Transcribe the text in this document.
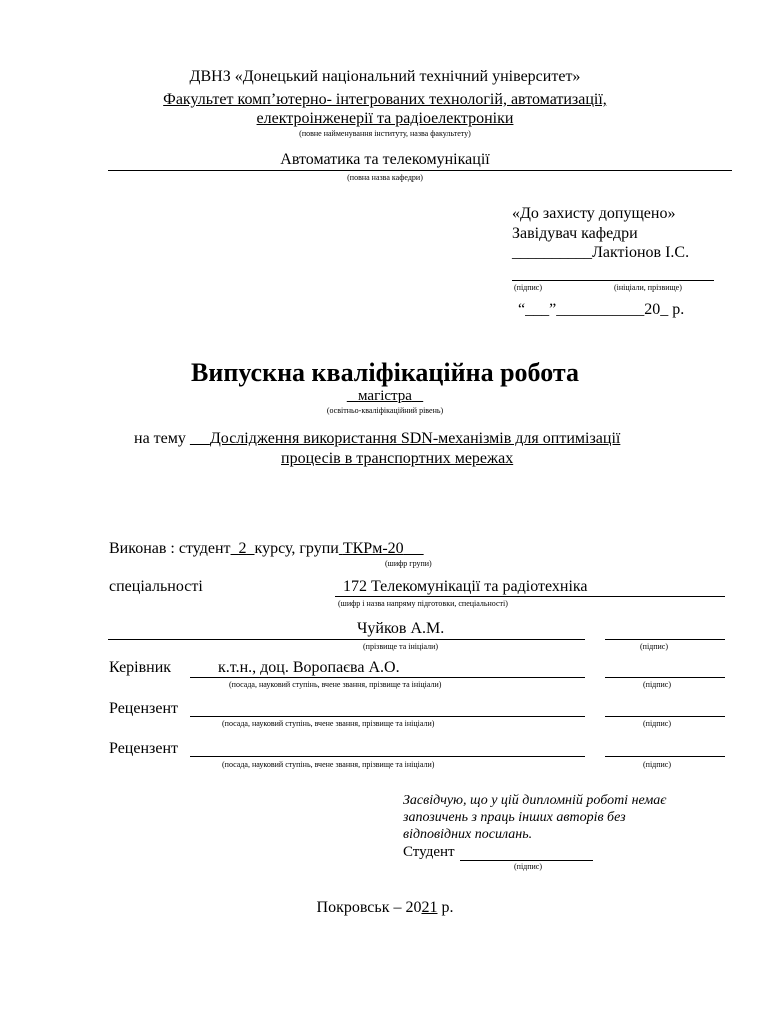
ДВНЗ «Донецький національний технічний університет»
Факультет комп’ютерно- інтегрованих технологій, автоматизації,
електроінженерії та радіоелектроніки
(повне найменування інституту, назва факультету)
Автоматика та телекомунікації
(повна назва кафедри)
«До захисту допущено»
Завідувач кафедри
__________Лактіонов І.С.
(підпис)	(ініціали, прізвище)
“___”___________20_ р.
Випускна кваліфікаційна робота
магістра
(освітньо-кваліфікаційний рівень)
на тему Дослідження використання SDN-механізмів для оптимізації
процесів в транспортних мережах
Виконав : студент 2 курсу, групи ТКРм-20
(шифр групи)
спеціальності	172 Телекомунікації та радіотехніка
(шифр і назва напряму підготовки, спеціальності)
Чуйков А.М.
(прізвище та ініціали)	(підпис)
Керівник	к.т.н., доц. Воропаєва А.О.
(посада, науковий ступінь, вчене звання, прізвище та ініціали)	(підпис)
Рецензент
(посада, науковий ступінь, вчене звання, прізвище та ініціали)	(підпис)
Рецензент
(посада, науковий ступінь, вчене звання, прізвище та ініціали)	(підпис)
Засвідчую, що у цій дипломній роботі немає
запозичень з праць інших авторів без
відповідних посилань.
Студент
(підпис)
Покровськ – 2021 р.
